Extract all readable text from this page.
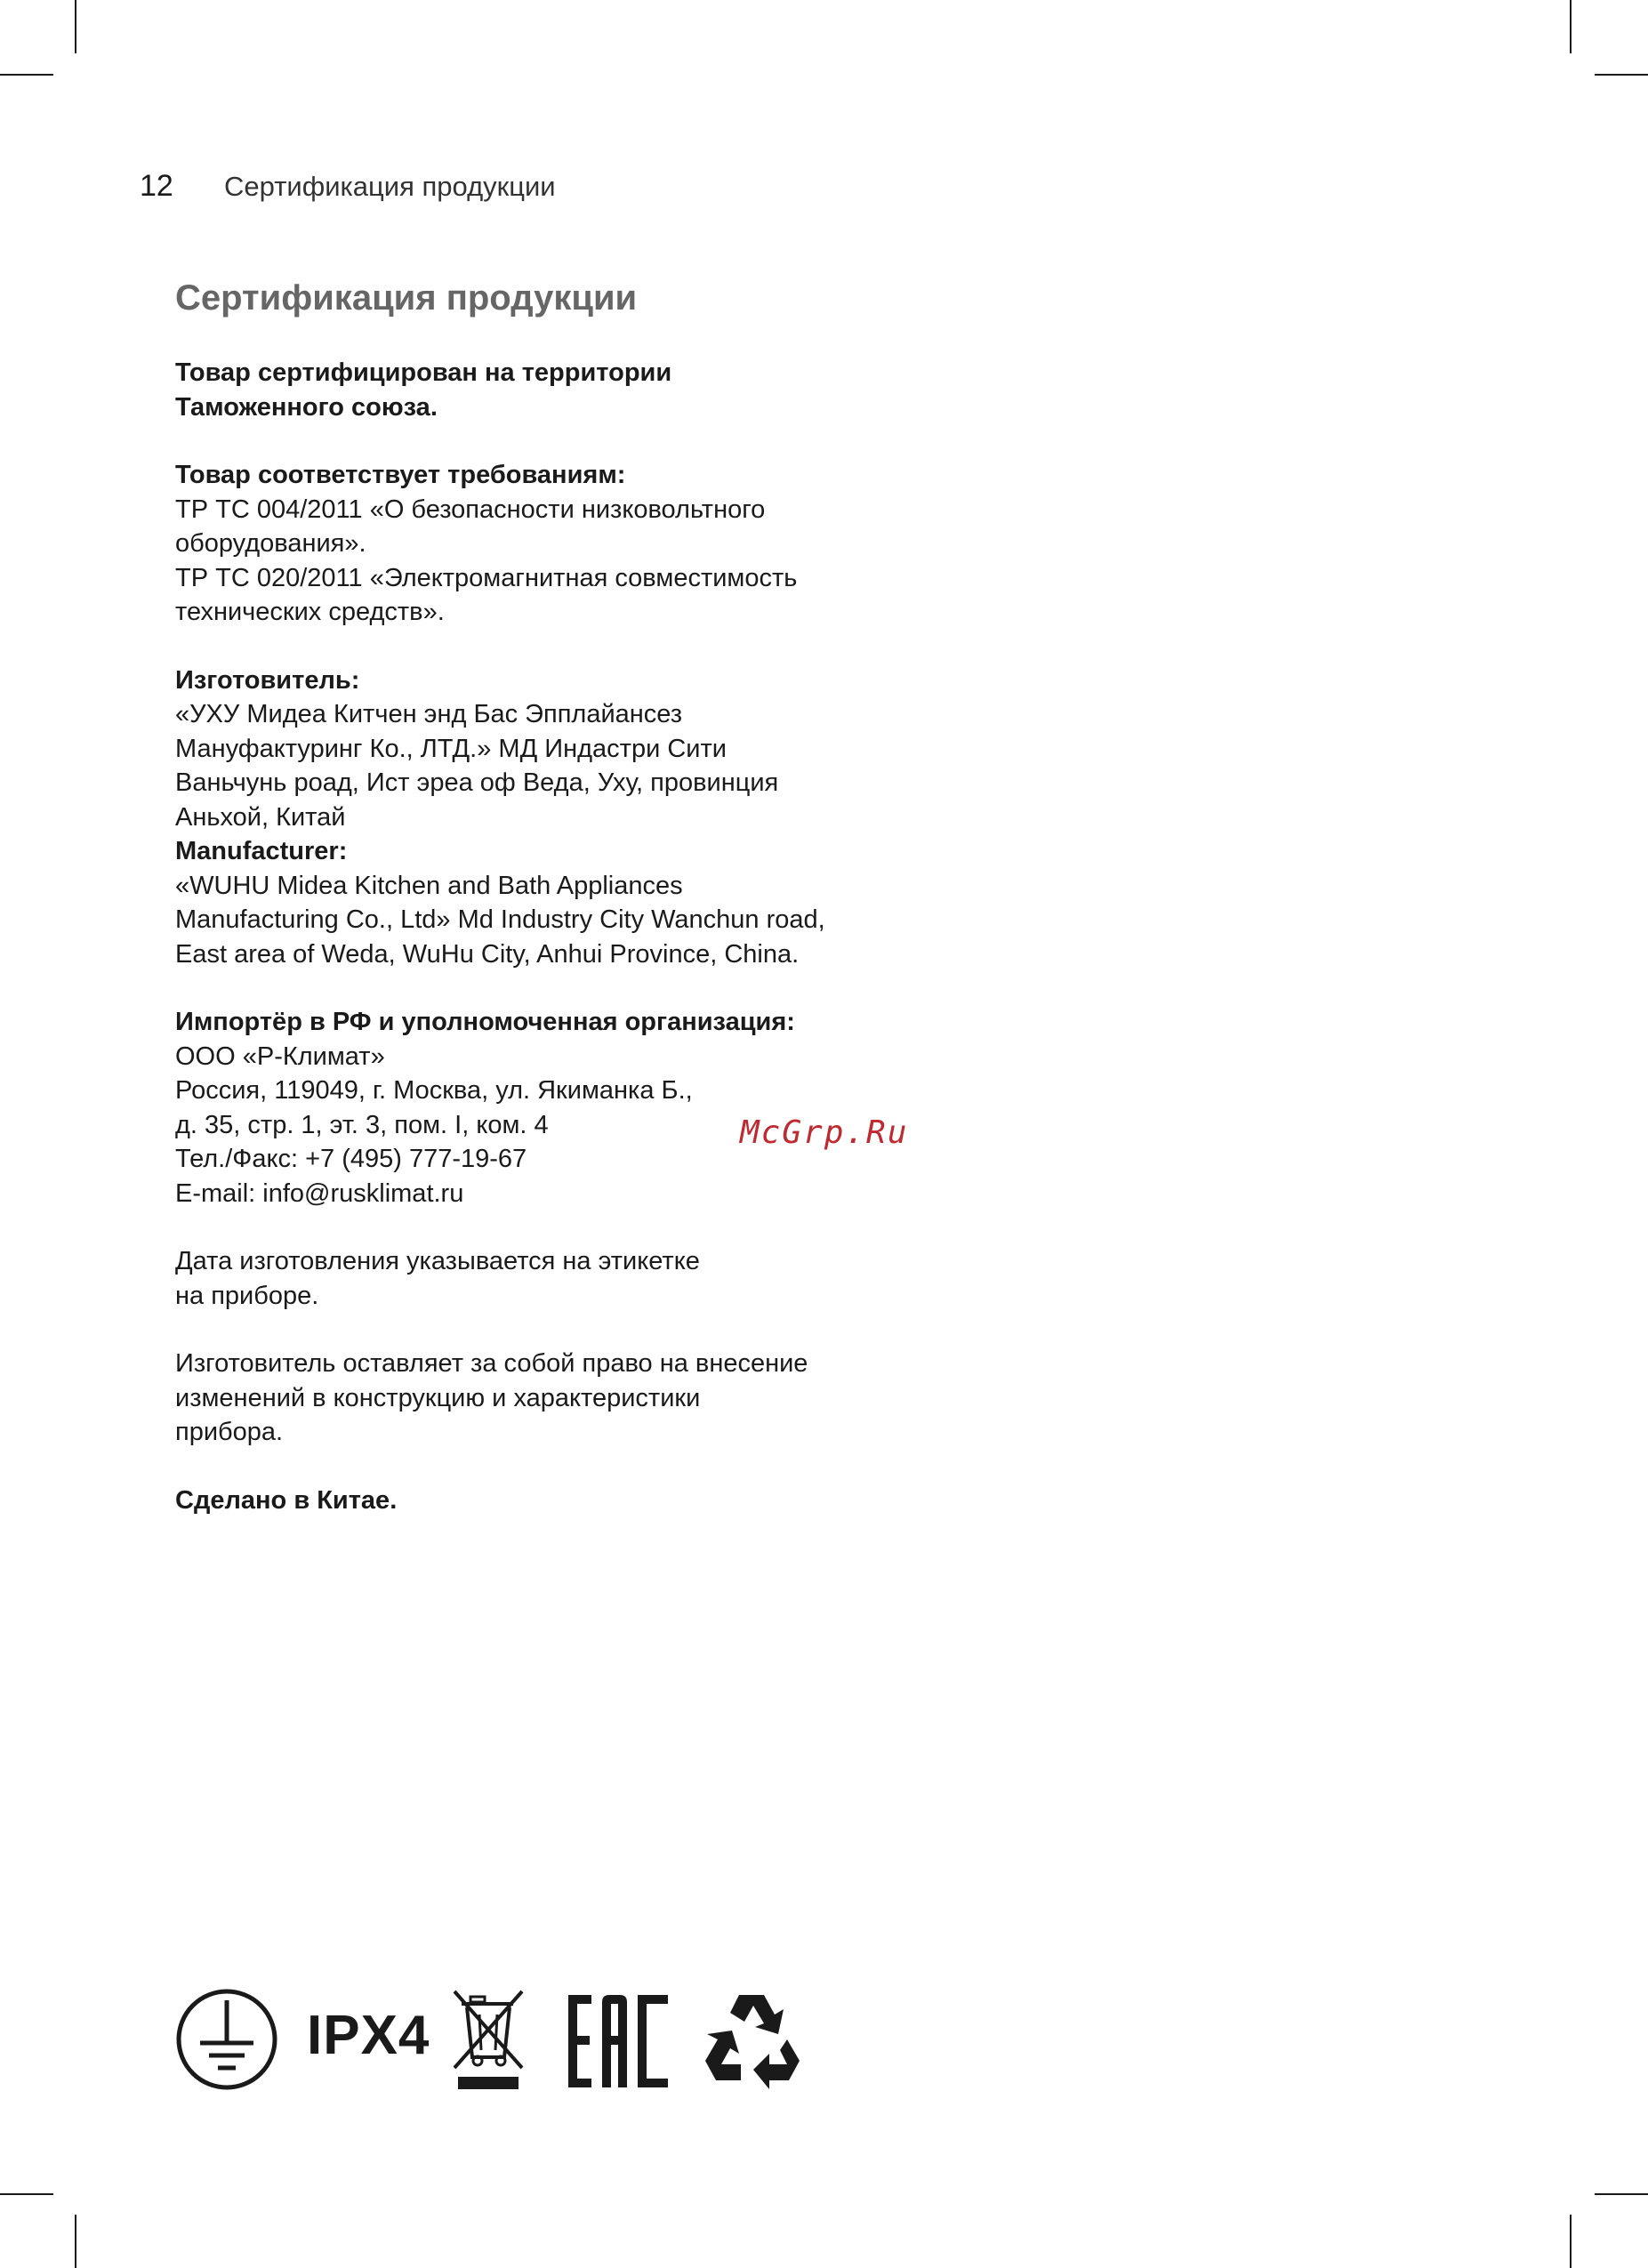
12 Сертификация продукции
Сертификация продукции
Товар сертифицирован на территории
Таможенного союза.
Товар соответствует требованиям:
ТР ТС 004/2011 «О безопасности низковольтного
оборудования».
ТР ТС 020/2011 «Электромагнитная совместимость
технических средств».
Изготовитель:
«УХУ Мидеа Китчен энд Бас Эпплайансез
Мануфактуринг Ко., ЛТД.» МД Индастри Сити
Ваньчунь роад, Ист эреа оф Веда, Уху, провинция
Аньхой, Китай
Manufacturer:
«WUHU Midea Kitchen and Bath Appliances
Manufacturing Co., Ltd» Md Industry City Wanchun road,
East area of Weda, WuHu City, Anhui Province, China.
Импортёр в РФ и уполномоченная организация:
ООО «Р-Климат»
Россия, 119049, г. Москва, ул. Якиманка Б.,
д. 35, стр. 1, эт. 3, пом. I, ком. 4
Тел./Факс: +7 (495) 777-19-67
E-mail: info@rusklimat.ru
Дата изготовления указывается на этикетке
на приборе.
Изготовитель оставляет за собой право на внесение
изменений в конструкцию и характеристики
прибора.
Сделано в Китае.
McGrp.Ru
IPX4
